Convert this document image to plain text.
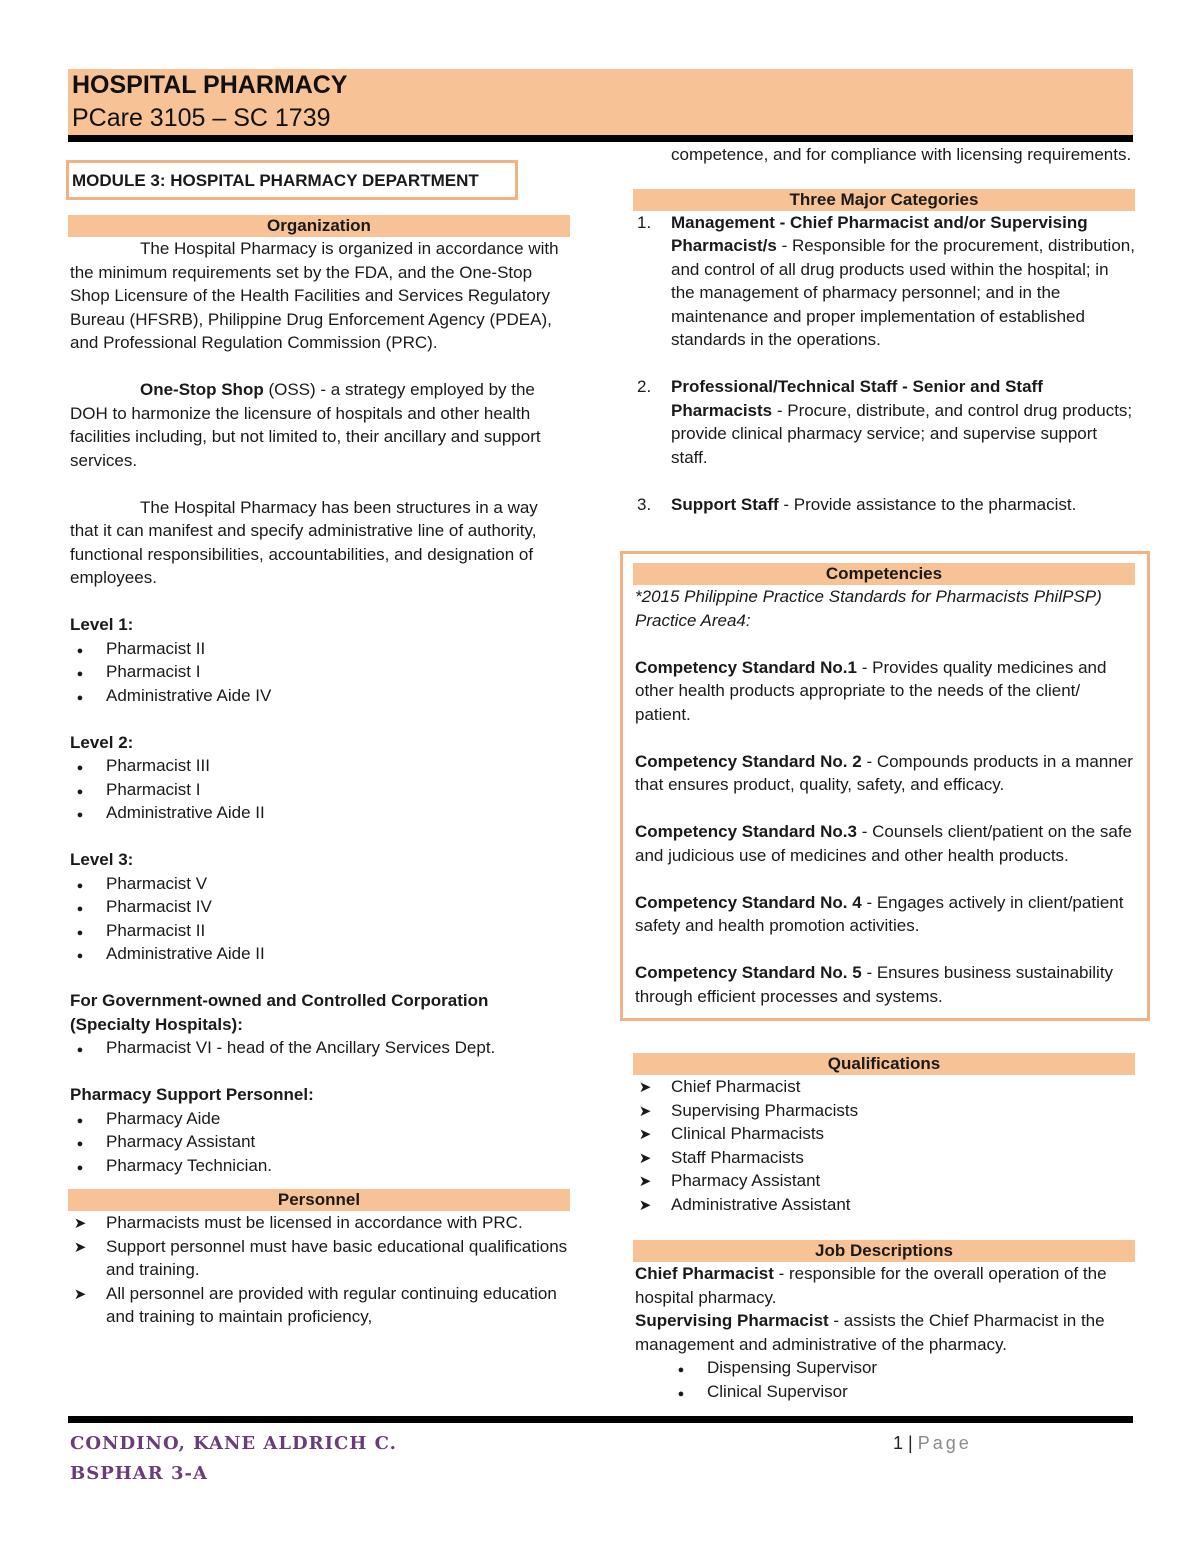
HOSPITAL PHARMACY
PCare 3105 – SC 1739
MODULE 3: HOSPITAL PHARMACY DEPARTMENT
Organization

The Hospital Pharmacy is organized in accordance with the minimum requirements set by the FDA, and the One-Stop Shop Licensure of the Health Facilities and Services Regulatory Bureau (HFSRB), Philippine Drug Enforcement Agency (PDEA), and Professional Regulation Commission (PRC).

One-Stop Shop (OSS) - a strategy employed by the DOH to harmonize the licensure of hospitals and other health facilities including, but not limited to, their ancillary and support services.

The Hospital Pharmacy has been structures in a way that it can manifest and specify administrative line of authority, functional responsibilities, accountabilities, and designation of employees.

Level 1:

●
Pharmacist II
●
Pharmacist I
●
Administrative Aide IV

Level 2:

●
Pharmacist III
●
Pharmacist I
●
Administrative Aide II

Level 3:

●
Pharmacist V
●
Pharmacist IV
●
Pharmacist II
●
Administrative Aide II

For Government-owned and Controlled Corporation (Specialty Hospitals):

●
Pharmacist VI - head of the Ancillary Services Dept.

Pharmacy Support Personnel:

●
Pharmacy Aide
●
Pharmacy Assistant
●
Pharmacy Technician.
Personnel
➤
Pharmacists must be licensed in accordance with PRC.
➤
Support personnel must have basic educational qualifications and training.
➤
All personnel are provided with regular continuing education and training to maintain proficiency,

competence, and for compliance with licensing requirements.

Three Major Categories
1. Management - Chief Pharmacist and/or Supervising Pharmacist/s - Responsible for the procurement, distribution, and control of all drug products used within the hospital; in the management of pharmacy personnel; and in the maintenance and proper implementation of established standards in the operations.
2. Professional/Technical Staff - Senior and Staff Pharmacists - Procure, distribute, and control drug products; provide clinical pharmacy service; and supervise support staff.
3. Support Staff - Provide assistance to the pharmacist.
Competencies

*2015 Philippine Practice Standards for Pharmacists PhilPSP) Practice Area4:

Competency Standard No.1 - Provides quality medicines and other health products appropriate to the needs of the client/ patient.

Competency Standard No. 2 - Compounds products in a manner that ensures product, quality, safety, and efficacy.

Competency Standard No.3 - Counsels client/patient on the safe and judicious use of medicines and other health products.

Competency Standard No. 4 - Engages actively in client/patient safety and health promotion activities.

Competency Standard No. 5 - Ensures business sustainability through efficient processes and systems.

Qualifications
➤
Chief Pharmacist
➤
Supervising Pharmacists
➤
Clinical Pharmacists
➤
Staff Pharmacists
➤
Pharmacy Assistant
➤
Administrative Assistant
Job Descriptions

Chief Pharmacist - responsible for the overall operation of the hospital pharmacy.

Supervising Pharmacist - assists the Chief Pharmacist in the management and administrative of the pharmacy.

●
Dispensing Supervisor
●
Clinical Supervisor
CONDINO, KANE ALDRICH C.
BSPHAR 3-A
1 | Page
